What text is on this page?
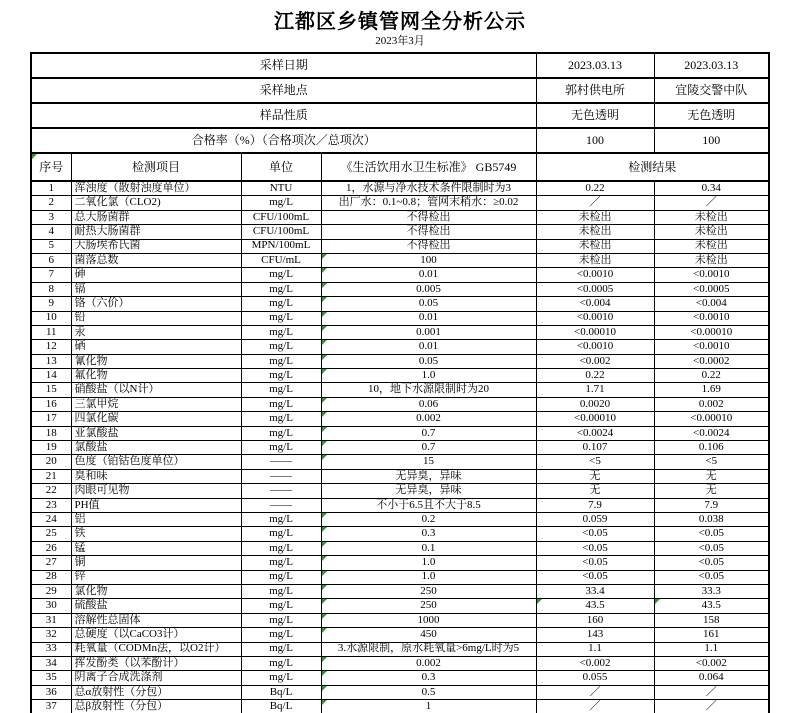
江都区乡镇管网全分析公示
2023年3月
采样日期				2023.03.13	2023.03.13
采样地点				郭村供电所	宜陵交警中队
样品性质				无色透明	无色透明
合格率（%）（合格项次／总项次）				100	100

序号	检测项目	单位	《生活饮用水卫生标准》 GB5749	检测结果	
1	浑浊度（散射浊度单位）	NTU	1，水源与净水技术条件限制时为3	0.22	0.34
2	二氧化氯（CLO2)	mg/L	出厂水：0.1~0.8；管网末稍水：≥0.02	／	／
3	总大肠菌群	CFU/100mL	不得检出	未检出	未检出
4	耐热大肠菌群	CFU/100mL	不得检出	未检出	未检出
5	大肠埃希氏菌	MPN/100mL	不得检出	未检出	未检出
6	菌落总数	CFU/mL	100	未检出	未检出
7	砷	mg/L	0.01	<0.0010	<0.0010
8	镉	mg/L	0.005	<0.0005	<0.0005
9	铬（六价）	mg/L	0.05	<0.004	<0.004
10	铅	mg/L	0.01	<0.0010	<0.0010
11	汞	mg/L	0.001	<0.00010	<0.00010
12	硒	mg/L	0.01	<0.0010	<0.0010
13	氰化物	mg/L	0.05	<0.002	<0.0002
14	氟化物	mg/L	1.0	0.22	0.22
15	硝酸盐（以N计）	mg/L	10，地下水源限制时为20	1.71	1.69
16	三氯甲烷	mg/L	0.06	0.0020	0.002
17	四氯化碳	mg/L	0.002	<0.00010	<0.00010
18	亚氯酸盐	mg/L	0.7	<0.0024	<0.0024
19	氯酸盐	mg/L	0.7	0.107	0.106
20	色度（铂钴色度单位）	——	15	<5	<5
21	臭和味	——	无异臭，异味	无	无
22	肉眼可见物	——	无异臭，异味	无	无
23	PH值	——	不小于6.5且不大于8.5	7.9	7.9
24	铝	mg/L	0.2	0.059	0.038
25	铁	mg/L	0.3	<0.05	<0.05
26	锰	mg/L	0.1	<0.05	<0.05
27	铜	mg/L	1.0	<0.05	<0.05
28	锌	mg/L	1.0	<0.05	<0.05
29	氯化物	mg/L	250	33.4	33.3
30	硫酸盐	mg/L	250	43.5	43.5

31	溶解性总固体	mg/L	1000	160	158
32	总硬度（以CaCO3计）	mg/L	450	143	161
33	耗氧量（CODMn法，以O2计）	mg/L	3.水源限制，原水耗氧量>6mg/L时为5	1.1	1.1
34	挥发酚类（以苯酚计）	mg/L	0.002	<0.002	<0.002
35	阴离子合成洗涤剂	mg/L	0.3	0.055	0.064
36	总α放射性（分包）	Bq/L	0.5	／	／
37	总β放射性（分包）	Bq/L	1	／	／
